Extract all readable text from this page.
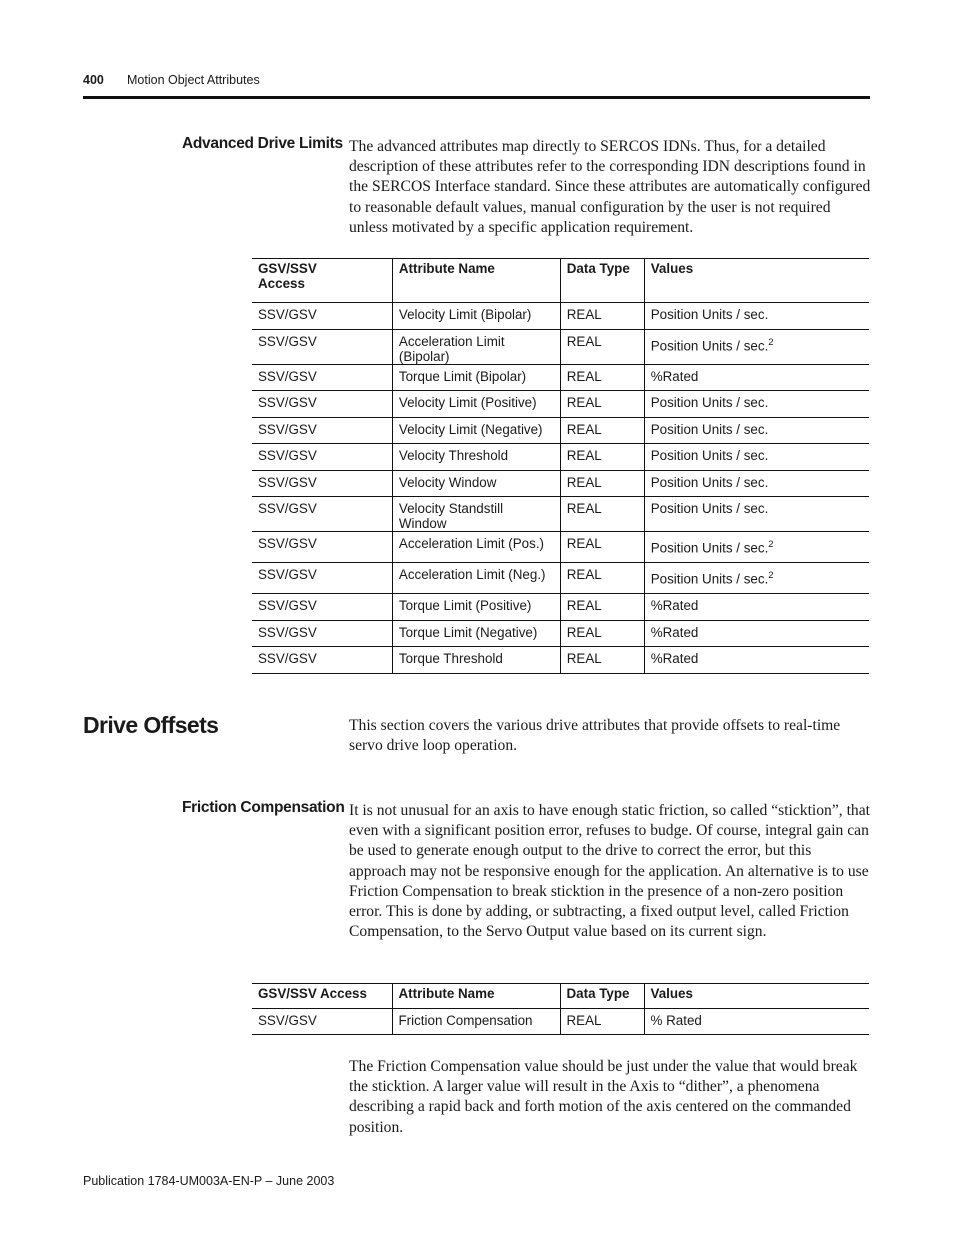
400 Motion Object Attributes
Advanced Drive Limits The advanced attributes map directly to SERCOS IDNs. Thus, for a detailed description of these attributes refer to the corresponding IDN descriptions found in the SERCOS Interface standard. Since these attributes are automatically configured to reasonable default values, manual configuration by the user is not required unless motivated by a specific application requirement.

GSV/SSV
Access	Attribute Name	Data Type	Values
SSV/GSV	Velocity Limit (Bipolar)	REAL	Position Units / sec.
SSV/GSV	Acceleration Limit (Bipolar)	REAL	Position Units / sec.$^2$
SSV/GSV	Torque Limit (Bipolar)	REAL	%Rated
SSV/GSV	Velocity Limit (Positive)	REAL	Position Units / sec.
SSV/GSV	Velocity Limit (Negative)	REAL	Position Units / sec.
SSV/GSV	Velocity Threshold	REAL	Position Units / sec.
SSV/GSV	Velocity Window	REAL	Position Units / sec.
SSV/GSV	Velocity Standstill Window	REAL	Position Units / sec.
SSV/GSV	Acceleration Limit (Pos.)	REAL	Position Units / sec.$^2$
SSV/GSV	Acceleration Limit (Neg.)	REAL	Position Units / sec.$^2$
SSV/GSV	Torque Limit (Positive)	REAL	%Rated
SSV/GSV	Torque Limit (Negative)	REAL	%Rated
SSV/GSV	Torque Threshold	REAL	%Rated
Drive Offsets	This section covers the various drive attributes that provide offsets to real-time servo drive loop operation.

Friction Compensation It is not unusual for an axis to have enough static friction, so called “sticktion”, that even with a significant position error, refuses to budge. Of course, integral gain can be used to generate enough output to the drive to correct the error, but this approach may not be responsive enough for the application. An alternative is to use Friction Compensation to break sticktion in the presence of a non-zero position error. This is done by adding, or subtracting, a fixed output level, called Friction Compensation, to the Servo Output value based on its current sign.

GSV/SSV Access	Attribute Name	Data Type	Values
SSV/GSV	Friction Compensation	REAL	% Rated

The Friction Compensation value should be just under the value that would break the sticktion. A larger value will result in the Axis to “dither”, a phenomena describing a rapid back and forth motion of the axis centered on the commanded position.

Publication 1784-UM003A-EN-P – June 2003
